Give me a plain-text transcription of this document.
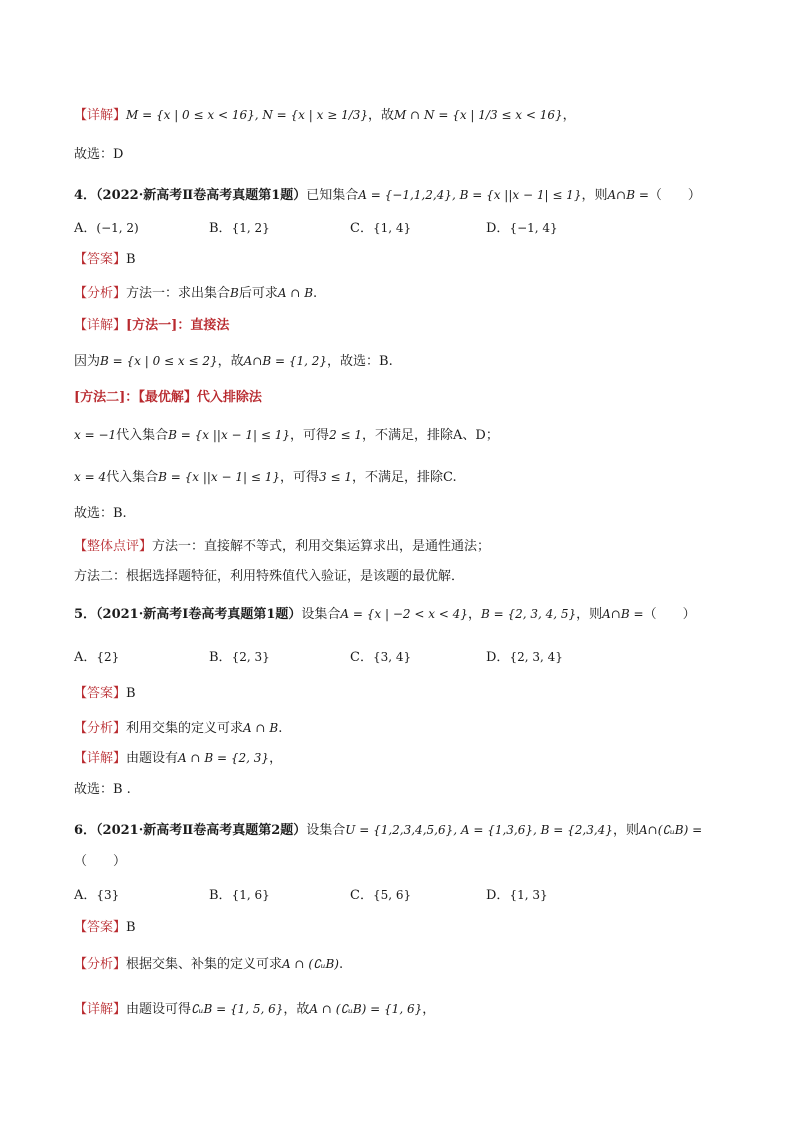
【详解】M = {x | 0 ≤ x < 16}, N = {x | x ≥ 1/3}，故M ∩ N = {x | 1/3 ≤ x < 16}，
故选：D
4．（2022·新高考Ⅱ卷高考真题第1题）已知集合A = {−1,1,2,4}, B = {x ||x − 1| ≤ 1}，则A∩B =（　　）
A．(−1, 2)	B．{1, 2}	C．{1, 4}	D．{−1, 4}
【答案】B
【分析】方法一：求出集合B后可求A ∩ B.
【详解】[方法一]：直接法
因为B = {x | 0 ≤ x ≤ 2}，故A∩B = {1, 2}，故选：B.
[方法二]：【最优解】代入排除法
x = −1代入集合B = {x ||x − 1| ≤ 1}，可得2 ≤ 1，不满足，排除A、D；
x = 4代入集合B = {x ||x − 1| ≤ 1}，可得3 ≤ 1，不满足，排除C.
故选：B.
【整体点评】方法一：直接解不等式，利用交集运算求出，是通性通法；
方法二：根据选择题特征，利用特殊值代入验证，是该题的最优解．
5．（2021·新高考Ⅰ卷高考真题第1题）设集合A = {x | −2 < x < 4}，B = {2, 3, 4, 5}，则A∩B =（　　）
A．{2}	B．{2, 3}	C．{3, 4}	D．{2, 3, 4}
【答案】B
【分析】利用交集的定义可求A ∩ B.
【详解】由题设有A ∩ B = {2, 3}，
故选：B .
6．（2021·新高考Ⅱ卷高考真题第2题）设集合U = {1,2,3,4,5,6}, A = {1,3,6}, B = {2,3,4}，则A∩(∁ᵤB) =
（　　）
A．{3}	B．{1, 6}	C．{5, 6}	D．{1, 3}
【答案】B
【分析】根据交集、补集的定义可求A ∩ (∁ᵤB).
【详解】由题设可得∁ᵤB = {1, 5, 6}，故A ∩ (∁ᵤB) = {1, 6}，
